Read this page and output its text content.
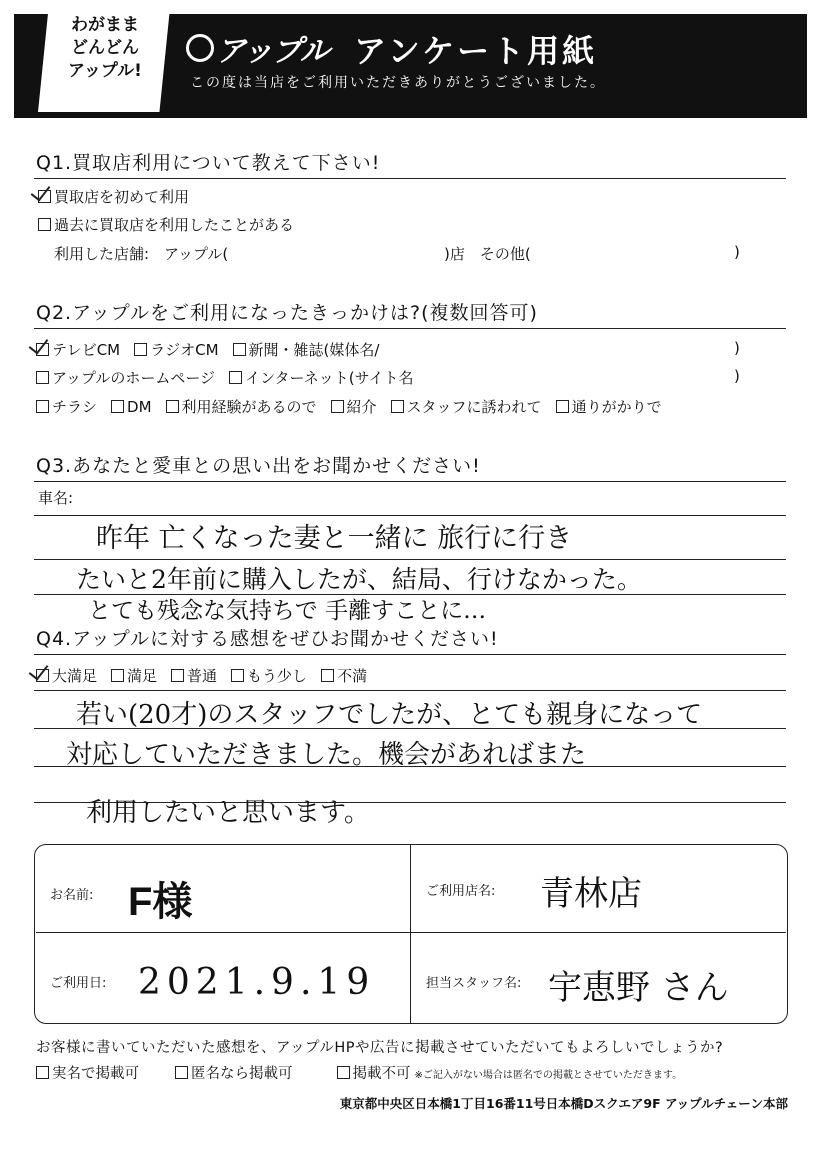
わがまま
どんどん
アップル!
アップル アンケート用紙
この度は当店をご利用いただきありがとうございました。
Q1.買取店利用について教えて下さい!
買取店を初めて利用
過去に買取店を利用したことがある
利用した店舗:　アップル(	)店　その他(	)
Q2.アップルをご利用になったきっかけは?(複数回答可)
テレビCM ラジオCM 新聞・雑誌(媒体名/	)
アップルのホームページ インターネット(サイト名	)
チラシ DM 利用経験があるので 紹介 スタッフに誘われて 通りがかりで
Q3.あなたと愛車との思い出をお聞かせください!
車名:
昨年 亡くなった妻と一緒に 旅行に行き
たいと2年前に購入したが、結局、行けなかった。
とても残念な気持ちで 手離すことに…
Q4.アップルに対する感想をぜひお聞かせください!
大満足 満足 普通 もう少し 不満
若い(20才)のスタッフでしたが、とても親身になって
対応していただきました。機会があればまた
利用したいと思います。
お名前: F様	ご利用店名: 青林店
ご利用日: 2021.9.19	担当スタッフ名: 宇恵野 さん
お客様に書いていただいた感想を、アップルHPや広告に掲載させていただいてもよろしいでしょうか?
実名で掲載可	匿名なら掲載可	掲載不可 ※ご記入がない場合は匿名での掲載とさせていただきます。
東京都中央区日本橋1丁目16番11号日本橋Dスクエア9F アップルチェーン本部
